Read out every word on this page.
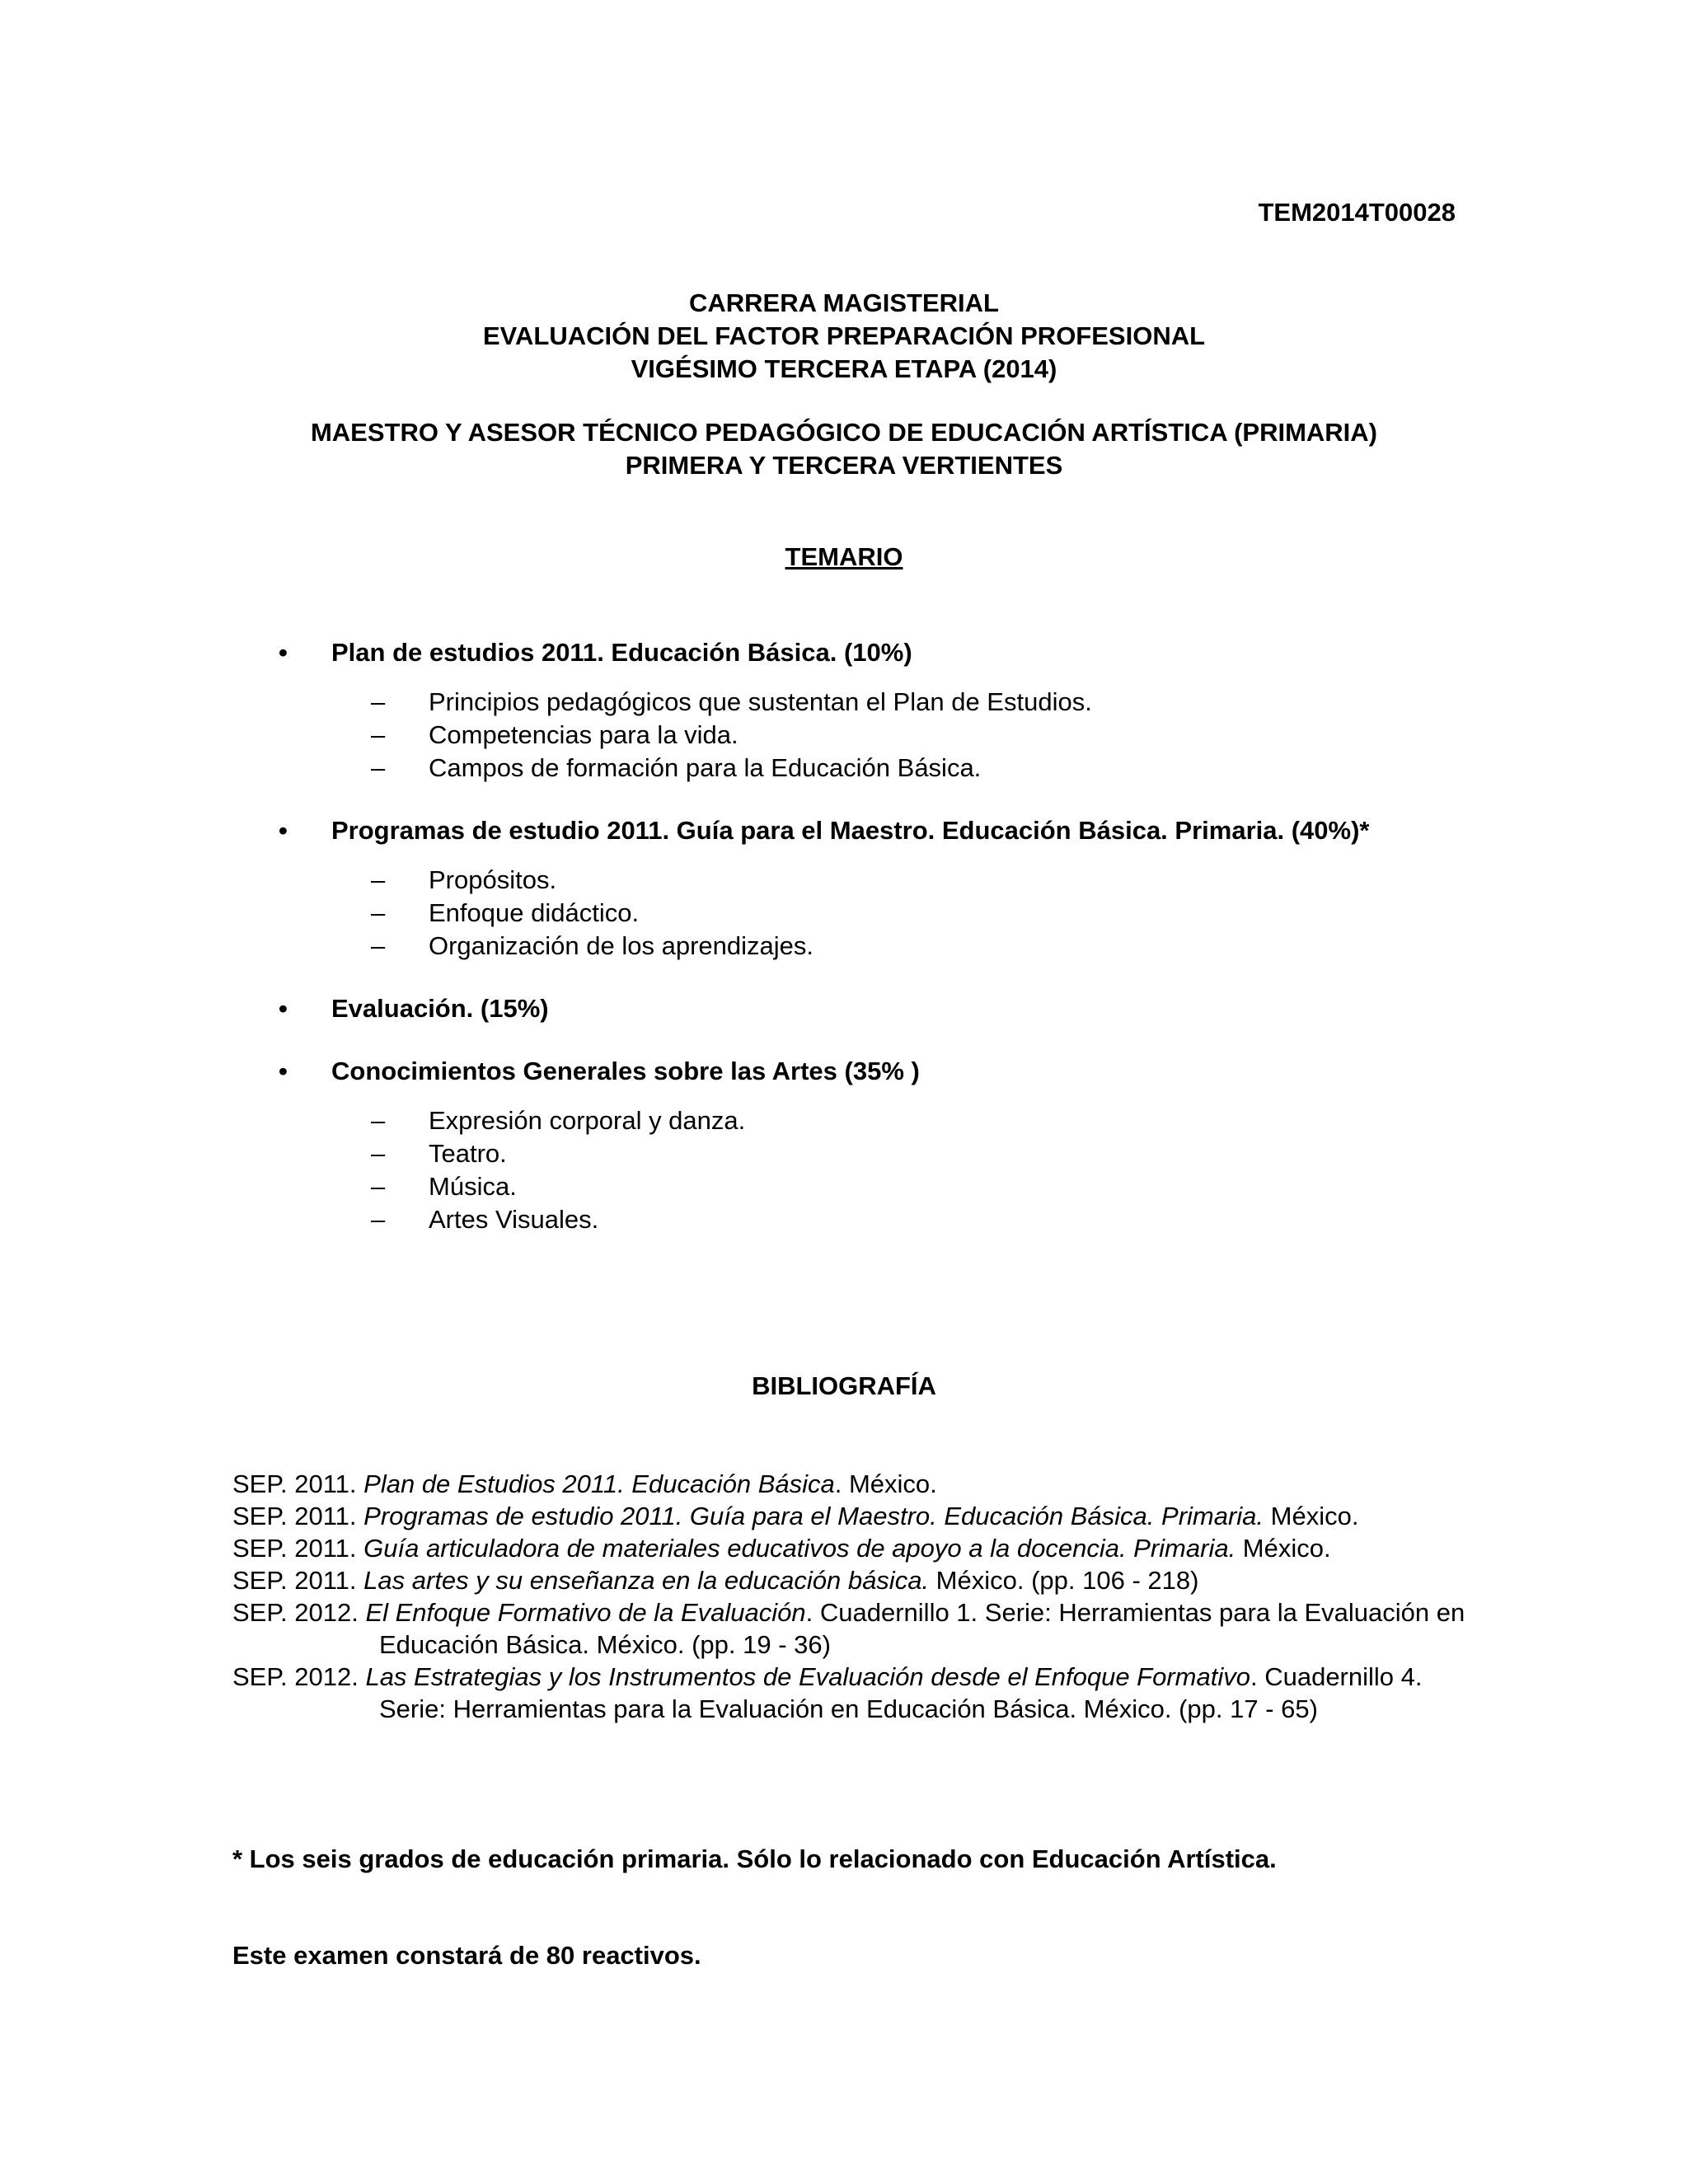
TEM2014T00028

CARRERA MAGISTERIAL
EVALUACIÓN DEL FACTOR PREPARACIÓN PROFESIONAL
VIGÉSIMO TERCERA ETAPA (2014)
MAESTRO Y ASESOR TÉCNICO PEDAGÓGICO DE EDUCACIÓN ARTÍSTICA (PRIMARIA)
PRIMERA Y TERCERA VERTIENTES

TEMARIO

• Plan de estudios 2011. Educación Básica. (10%)
– Principios pedagógicos que sustentan el Plan de Estudios.
– Competencias para la vida.
– Campos de formación para la Educación Básica.
• Programas de estudio 2011. Guía para el Maestro. Educación Básica. Primaria. (40%)*
– Propósitos.
– Enfoque didáctico.
– Organización de los aprendizajes.
• Evaluación. (15%)
• Conocimientos Generales sobre las Artes (35% )
– Expresión corporal y danza.
– Teatro.
– Música.
– Artes Visuales.

BIBLIOGRAFÍA

SEP. 2011. Plan de Estudios 2011. Educación Básica. México.
SEP. 2011. Programas de estudio 2011. Guía para el Maestro. Educación Básica. Primaria. México.
SEP. 2011. Guía articuladora de materiales educativos de apoyo a la docencia. Primaria. México.
SEP. 2011. Las artes y su enseñanza en la educación básica. México. (pp. 106 - 218)
SEP. 2012. El Enfoque Formativo de la Evaluación. Cuadernillo 1. Serie: Herramientas para la Evaluación en Educación Básica. México. (pp. 19 - 36)
SEP. 2012. Las Estrategias y los Instrumentos de Evaluación desde el Enfoque Formativo. Cuadernillo 4. Serie: Herramientas para la Evaluación en Educación Básica. México. (pp. 17 - 65)

* Los seis grados de educación primaria. Sólo lo relacionado con Educación Artística.

Este examen constará de 80 reactivos.
